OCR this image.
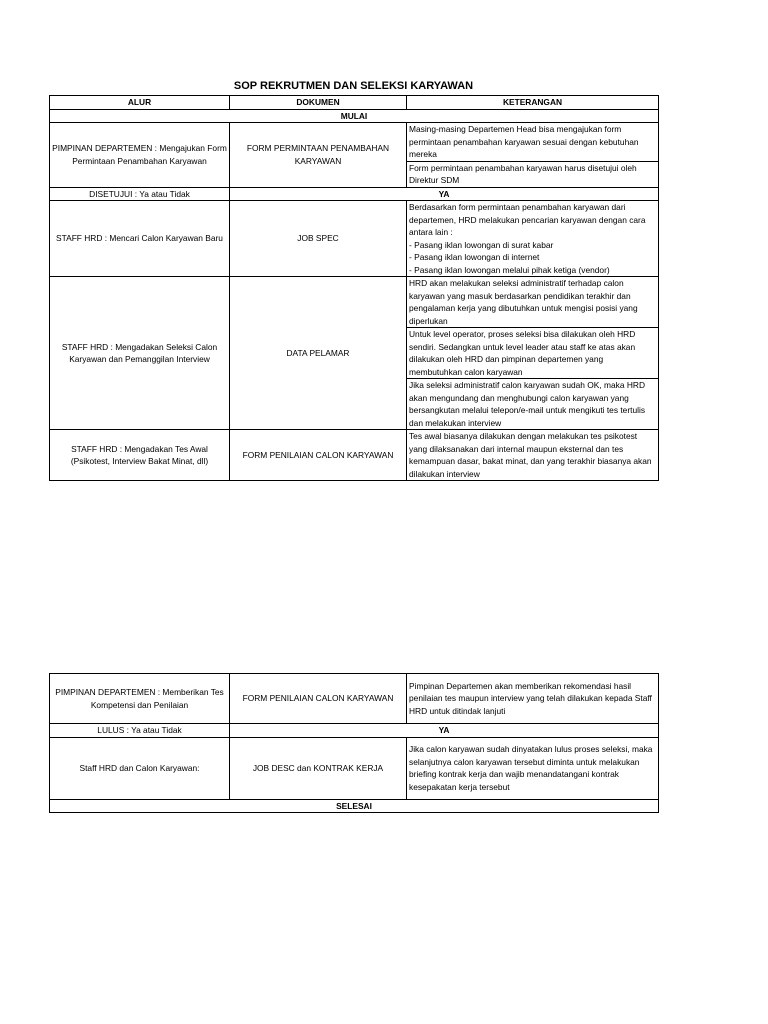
SOP REKRUTMEN DAN SELEKSI KARYAWAN
ALUR	DOKUMEN	KETERANGAN
MULAI		
PIMPINAN DEPARTEMEN : Mengajukan Form Permintaan Penambahan Karyawan	FORM PERMINTAAN PENAMBAHAN KARYAWAN	Masing-masing Departemen Head bisa mengajukan form permintaan penambahan karyawan sesuai dengan kebutuhan mereka
		Form permintaan penambahan karyawan harus disetujui oleh Direktur SDM
DISETUJUI : Ya atau Tidak	YA	
STAFF HRD : Mencari Calon Karyawan Baru	JOB SPEC	Berdasarkan form permintaan penambahan karyawan dari departemen, HRD melakukan pencarian karyawan dengan cara antara lain :
- Pasang iklan lowongan di surat kabar
- Pasang iklan lowongan di internet
- Pasang iklan lowongan melalui pihak ketiga (vendor)

STAFF HRD : Mengadakan Seleksi Calon Karyawan dan Pemanggilan Interview	DATA PELAMAR	HRD akan melakukan seleksi administratif terhadap calon karyawan yang masuk berdasarkan pendidikan terakhir dan pengalaman kerja yang dibutuhkan untuk mengisi posisi yang diperlukan
		Untuk level operator, proses seleksi bisa dilakukan oleh HRD sendiri. Sedangkan untuk level leader atau staff ke atas akan dilakukan oleh HRD dan pimpinan departemen yang membutuhkan calon karyawan
		Jika seleksi administratif calon karyawan sudah OK, maka HRD akan mengundang dan menghubungi calon karyawan yang bersangkutan melalui telepon/e-mail untuk mengikuti tes tertulis dan melakukan interview
STAFF HRD : Mengadakan Tes Awal (Psikotest, Interview Bakat Minat, dll)	FORM PENILAIAN CALON KARYAWAN	Tes awal biasanya dilakukan dengan melakukan tes psikotest yang dilaksanakan dari internal maupun eksternal dan tes kemampuan dasar, bakat minat, dan yang terakhir biasanya akan dilakukan interview
PIMPINAN DEPARTEMEN : Memberikan Tes Kompetensi dan Penilaian	FORM PENILAIAN CALON KARYAWAN	Pimpinan Departemen akan memberikan rekomendasi hasil penilaian tes maupun interview yang telah dilakukan kepada Staff HRD untuk ditindak lanjuti
LULUS : Ya atau Tidak	YA	
Staff HRD dan Calon Karyawan:	JOB DESC dan KONTRAK KERJA	Jika calon karyawan sudah dinyatakan lulus proses seleksi, maka selanjutnya calon karyawan tersebut diminta untuk melakukan briefing kontrak kerja dan wajib menandatangani kontrak kesepakatan kerja tersebut
SELESAI		
